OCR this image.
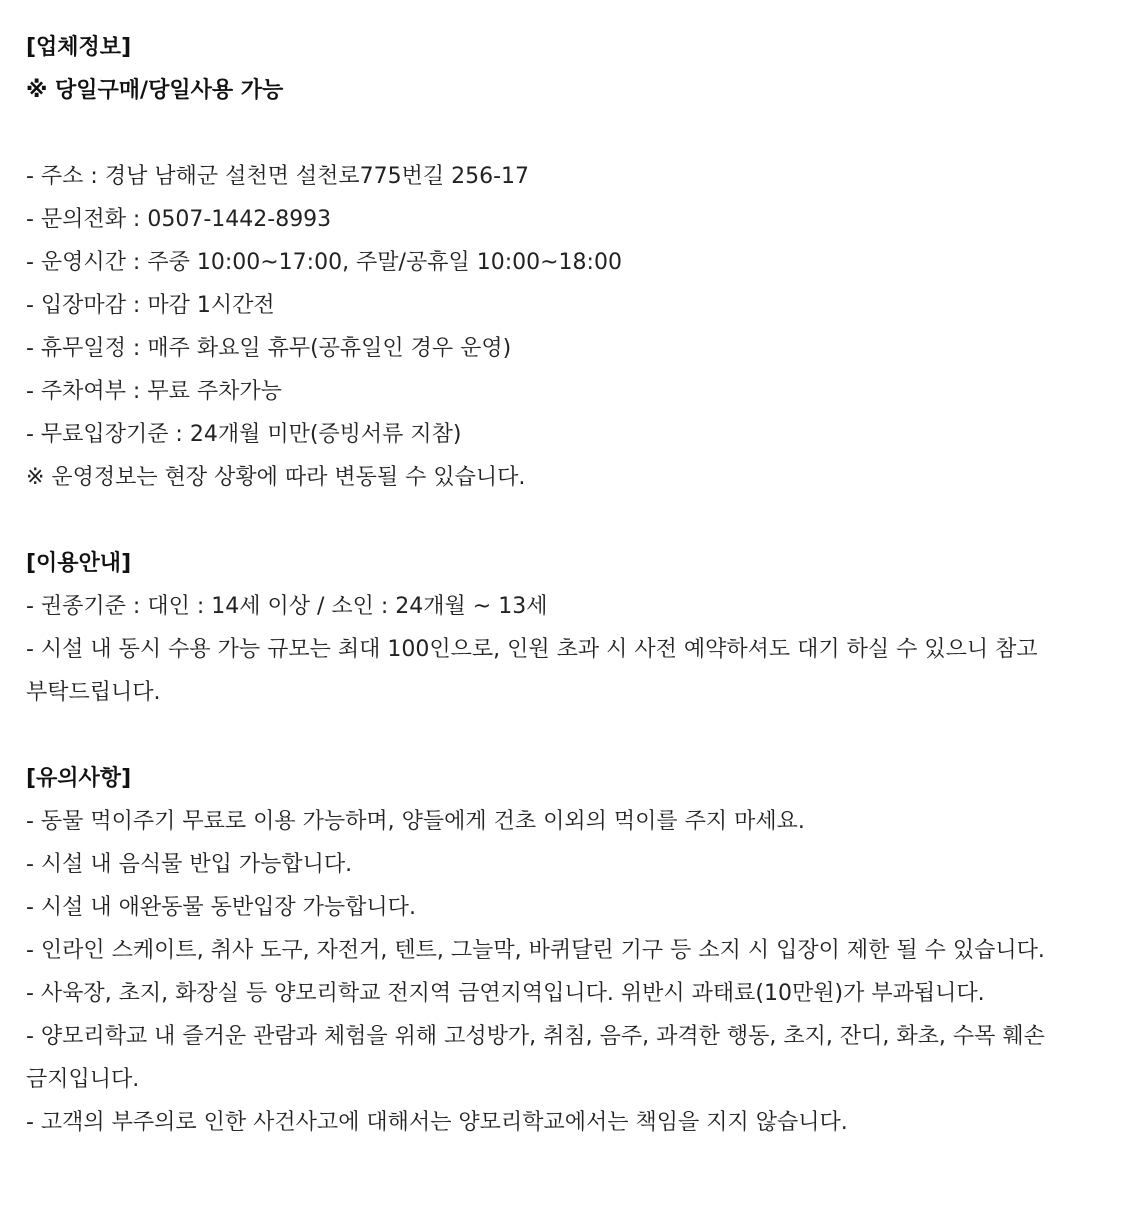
[업체정보]
※ 당일구매/당일사용 가능
- 주소 : 경남 남해군 설천면 설천로775번길 256-17
- 문의전화 : 0507-1442-8993
- 운영시간 : 주중 10:00~17:00, 주말/공휴일 10:00~18:00
- 입장마감 : 마감 1시간전
- 휴무일정 : 매주 화요일 휴무(공휴일인 경우 운영)
- 주차여부 : 무료 주차가능
- 무료입장기준 : 24개월 미만(증빙서류 지참)
※ 운영정보는 현장 상황에 따라 변동될 수 있습니다.
[이용안내]
- 권종기준 : 대인 : 14세 이상 / 소인 : 24개월 ~ 13세
- 시설 내 동시 수용 가능 규모는 최대 100인으로, 인원 초과 시 사전 예약하셔도 대기 하실 수 있으니 참고 부탁드립니다.
[유의사항]
- 동물 먹이주기 무료로 이용 가능하며, 양들에게 건초 이외의 먹이를 주지 마세요.
- 시설 내 음식물 반입 가능합니다.
- 시설 내 애완동물 동반입장 가능합니다.
- 인라인 스케이트, 취사 도구, 자전거, 텐트, 그늘막, 바퀴달린 기구 등 소지 시 입장이 제한 될 수 있습니다.
- 사육장, 초지, 화장실 등 양모리학교 전지역 금연지역입니다. 위반시 과태료(10만원)가 부과됩니다.
- 양모리학교 내 즐거운 관람과 체험을 위해 고성방가, 취침, 음주, 과격한 행동, 초지, 잔디, 화초, 수목 훼손 금지입니다.
- 고객의 부주의로 인한 사건사고에 대해서는 양모리학교에서는 책임을 지지 않습니다.
